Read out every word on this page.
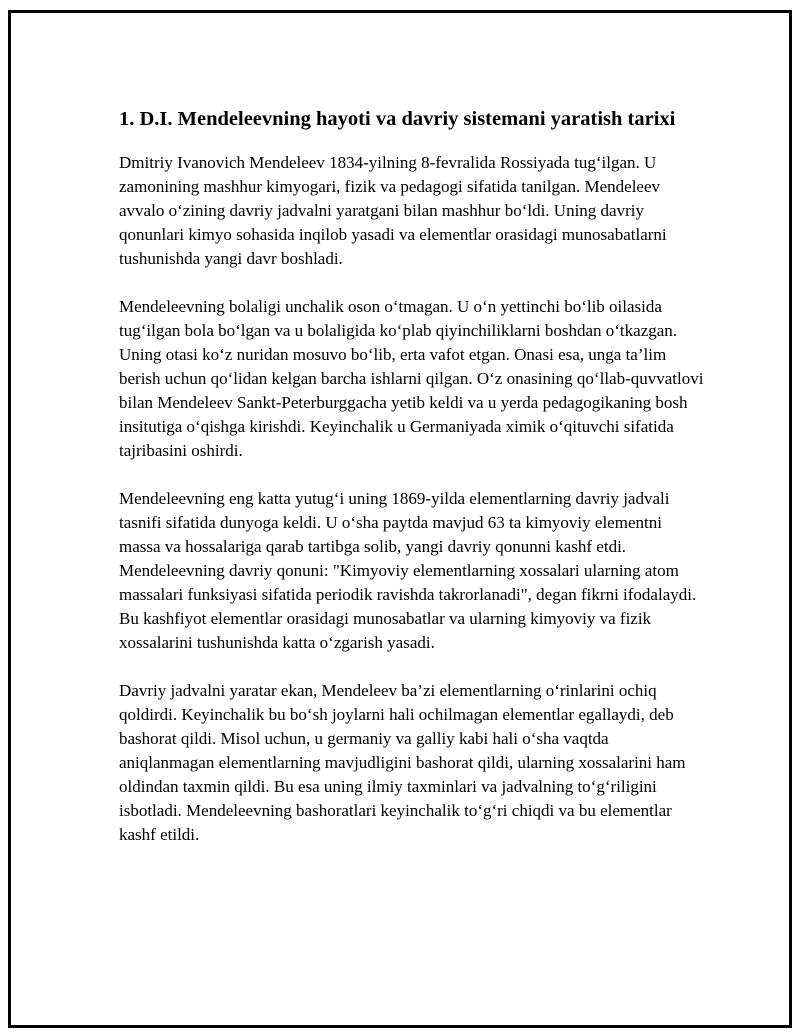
1. D.I. Mendeleevning hayoti va davriy sistemani yaratish tarixi

Dmitriy Ivanovich Mendeleev 1834-yilning 8-fevralida Rossiyada tug‘ilgan. U zamonining mashhur kimyogari, fizik va pedagogi sifatida tanilgan. Mendeleev avvalo o‘zining davriy jadvalni yaratgani bilan mashhur bo‘ldi. Uning davriy qonunlari kimyo sohasida inqilob yasadi va elementlar orasidagi munosabatlarni tushunishda yangi davr boshladi.

Mendeleevning bolaligi unchalik oson o‘tmagan. U o‘n yettinchi bo‘lib oilasida tug‘ilgan bola bo‘lgan va u bolaligida ko‘plab qiyinchiliklarni boshdan o‘tkazgan. Uning otasi ko‘z nuridan mosuvo bo‘lib, erta vafot etgan. Onasi esa, unga ta’lim berish uchun qo‘lidan kelgan barcha ishlarni qilgan. O‘z onasining qo‘llab-quvvatlovi bilan Mendeleev Sankt-Peterburggacha yetib keldi va u yerda pedagogikaning bosh insitutiga o‘qishga kirishdi. Keyinchalik u Germaniyada ximik o‘qituvchi sifatida tajribasini oshirdi.

Mendeleevning eng katta yutug‘i uning 1869-yilda elementlarning davriy jadvali tasnifi sifatida dunyoga keldi. U o‘sha paytda mavjud 63 ta kimyoviy elementni massa va hossalariga qarab tartibga solib, yangi davriy qonunni kashf etdi. Mendeleevning davriy qonuni: "Kimyoviy elementlarning xossalari ularning atom massalari funksiyasi sifatida periodik ravishda takrorlanadi", degan fikrni ifodalaydi. Bu kashfiyot elementlar orasidagi munosabatlar va ularning kimyoviy va fizik xossalarini tushunishda katta o‘zgarish yasadi.

Davriy jadvalni yaratar ekan, Mendeleev ba’zi elementlarning o‘rinlarini ochiq qoldirdi. Keyinchalik bu bo‘sh joylarni hali ochilmagan elementlar egallaydi, deb bashorat qildi. Misol uchun, u germaniy va galliy kabi hali o‘sha vaqtda aniqlanmagan elementlarning mavjudligini bashorat qildi, ularning xossalarini ham oldindan taxmin qildi. Bu esa uning ilmiy taxminlari va jadvalning to‘g‘riligini isbotladi. Mendeleevning bashoratlari keyinchalik to‘g‘ri chiqdi va bu elementlar kashf etildi.
